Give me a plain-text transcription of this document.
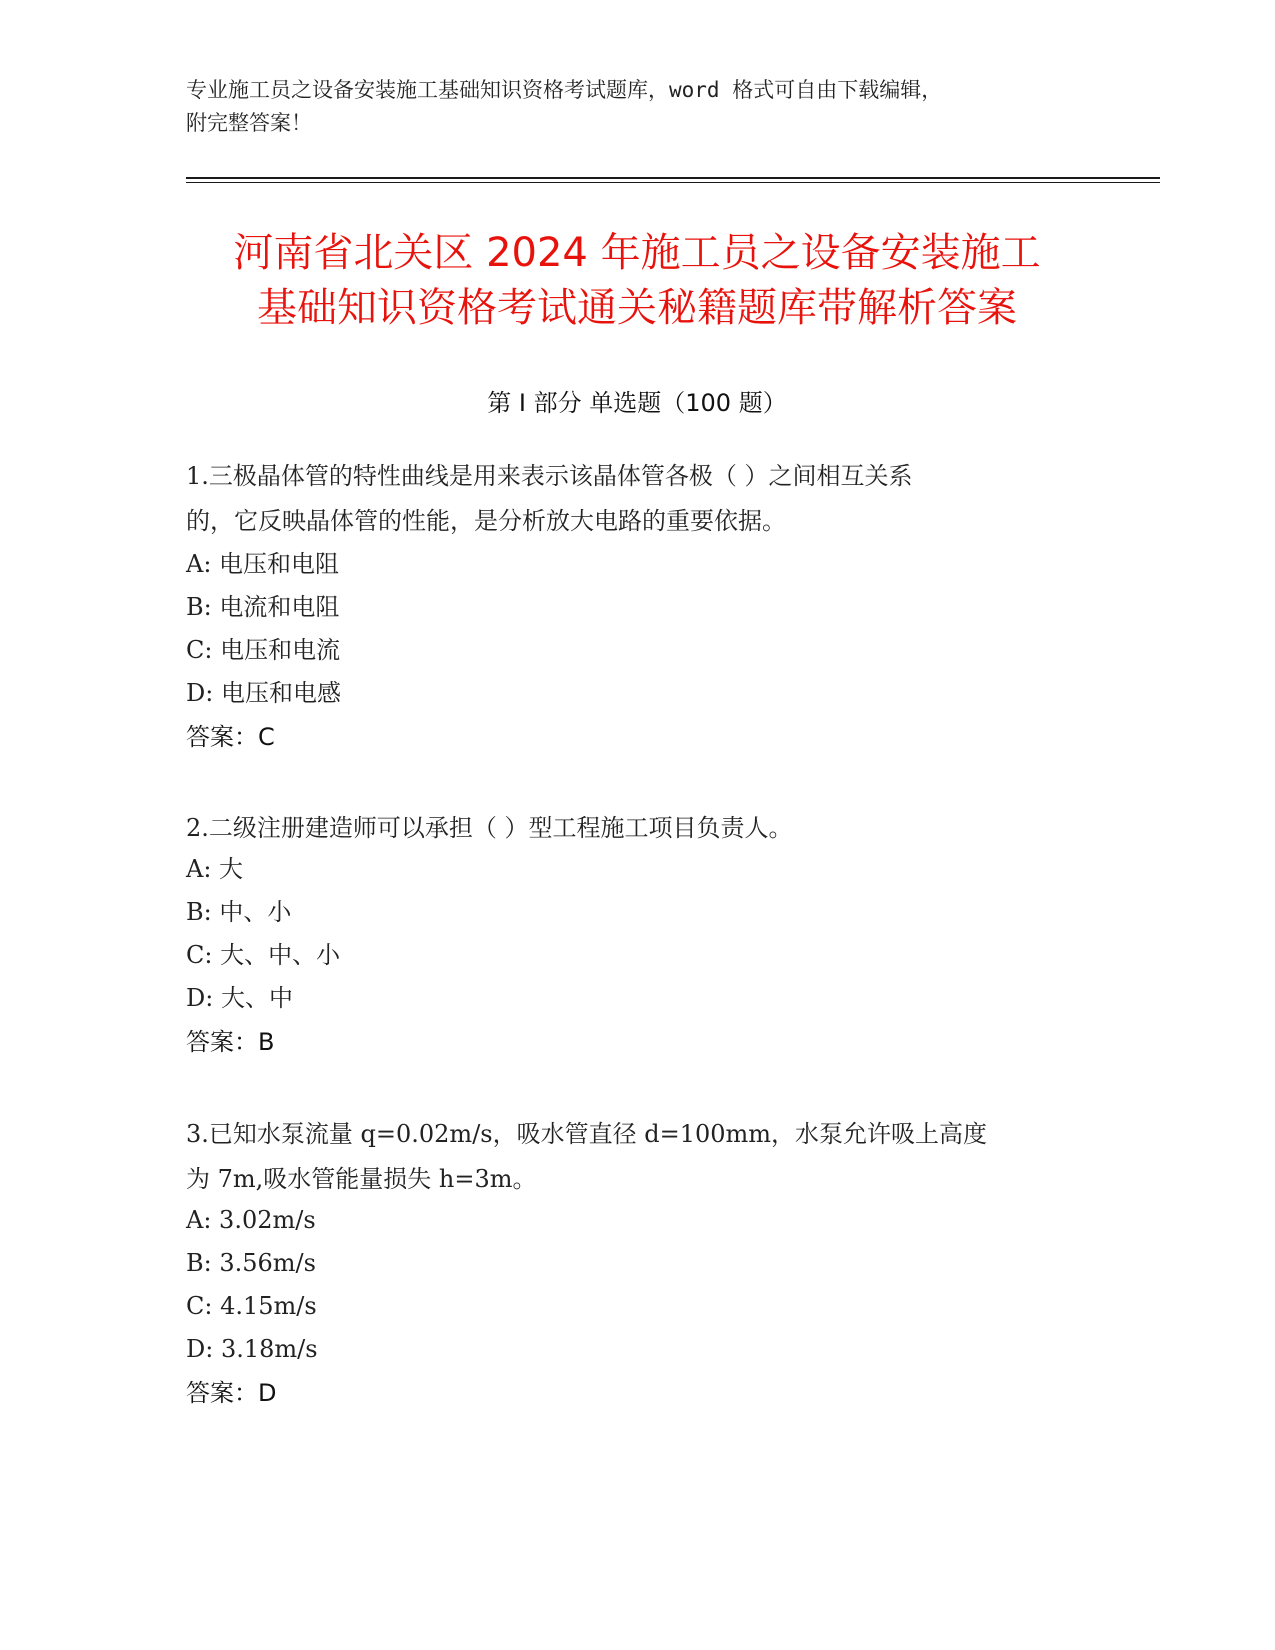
专业施工员之设备安装施工基础知识资格考试题库，word 格式可自由下载编辑，
附完整答案！
河南省北关区 2024 年施工员之设备安装施工
基础知识资格考试通关秘籍题库带解析答案
第 I 部分 单选题（100 题）
1.三极晶体管的特性曲线是用来表示该晶体管各极（ ）之间相互关系
的，它反映晶体管的性能，是分析放大电路的重要依据。
A: 电压和电阻
B: 电流和电阻
C: 电压和电流
D: 电压和电感
答案：C
2.二级注册建造师可以承担（ ）型工程施工项目负责人。
A: 大
B: 中、小
C: 大、中、小
D: 大、中
答案：B
3.已知水泵流量 q=0.02m/s，吸水管直径 d=100mm，水泵允许吸上高度
为 7m,吸水管能量损失 h=3m。
A: 3.02m/s
B: 3.56m/s
C: 4.15m/s
D: 3.18m/s
答案：D
